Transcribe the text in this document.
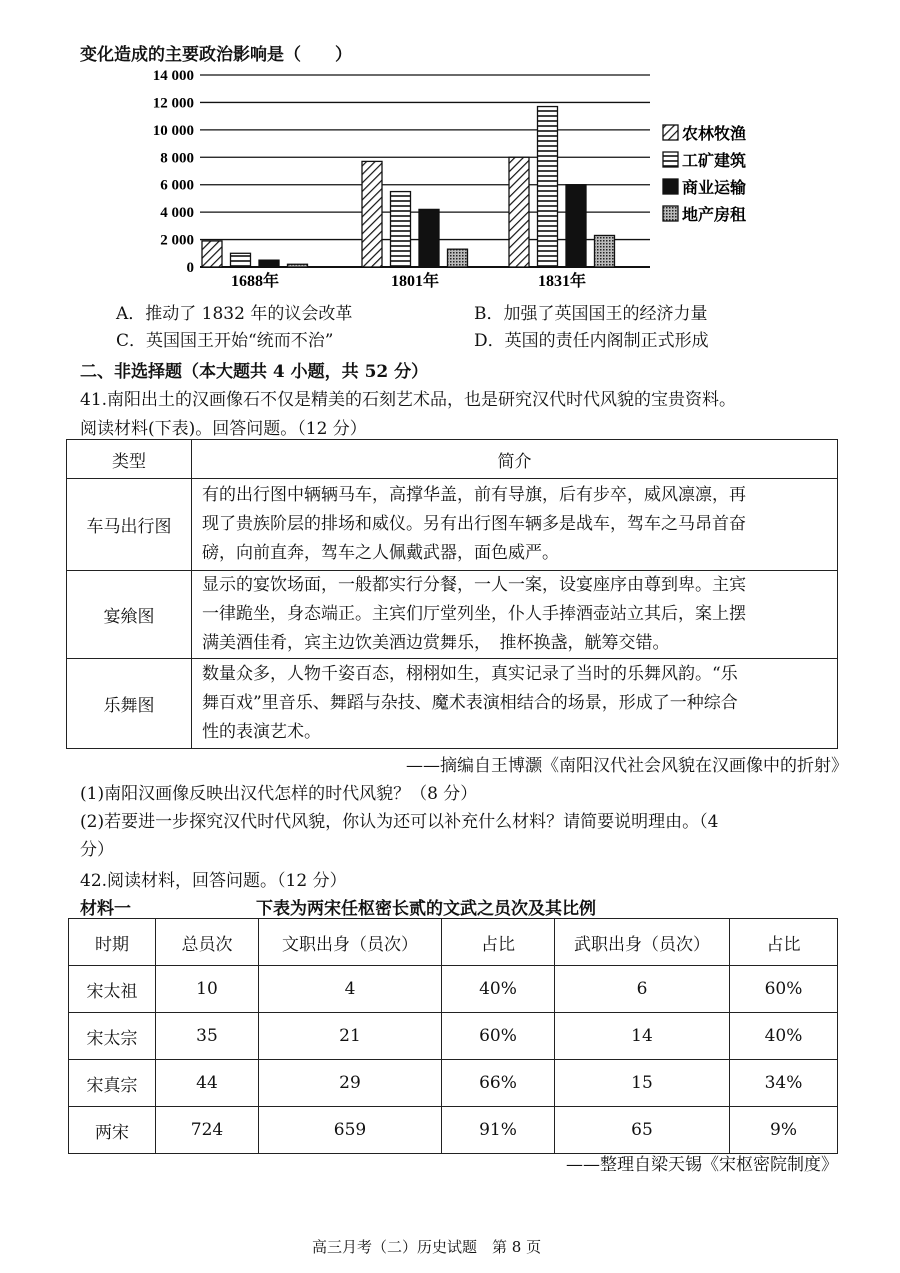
变化造成的主要政治影响是（　　）
0
2 000
4 000
6 000
8 000
10 000
12 000
14 000
1688年	1801年	1831年
农林牧渔
工矿建筑
商业运输
地产房租
A．推动了 1832 年的议会改革	B．加强了英国国王的经济力量
C．英国国王开始“统而不治”	D．英国的责任内阁制正式形成
二、非选择题（本大题共 4 小题，共 52 分）
41.南阳出土的汉画像石不仅是精美的石刻艺术品，也是研究汉代时代风貌的宝贵资料。
阅读材料(下表)。回答问题。（12 分）
类型	简介
车马出行图	有的出行图中辆辆马车，高撑华盖，前有导旗，后有步卒，威风凛凛，再
现了贵族阶层的排场和威仪。另有出行图车辆多是战车，驾车之马昂首奋
磅，向前直奔，驾车之人佩戴武器，面色威严。

宴飨图	显示的宴饮场面，一般都实行分餐，一人一案，设宴座序由尊到卑。主宾
一律跪坐，身态端正。主宾们厅堂列坐，仆人手捧酒壶站立其后，案上摆
满美酒佳肴，宾主边饮美酒边赏舞乐，　推杯换盏，觥筹交错。

乐舞图	数量众多，人物千姿百态，栩栩如生，真实记录了当时的乐舞风韵。“乐
舞百戏”里音乐、舞蹈与杂技、魔术表演相结合的场景，形成了一种综合
性的表演艺术。
——摘编自王博灏《南阳汉代社会风貌在汉画像中的折射》
(1)南阳汉画像反映出汉代怎样的时代风貌？（8 分）
(2)若要进一步探究汉代时代风貌，你认为还可以补充什么材料？请简要说明理由。（4
分）
42.阅读材料，回答问题。（12 分）
材料一	下表为两宋任枢密长贰的文武之员次及其比例
时期	总员次	文职出身（员次）	占比	武职出身（员次）	占比
宋太祖	10	4	40%	6	60%
宋太宗	35	21	60%	14	40%
宋真宗	44	29	66%	15	34%
两宋	724	659	91%	65	9%
——整理自梁天锡《宋枢密院制度》
高三月考（二）历史试题　第 8 页
